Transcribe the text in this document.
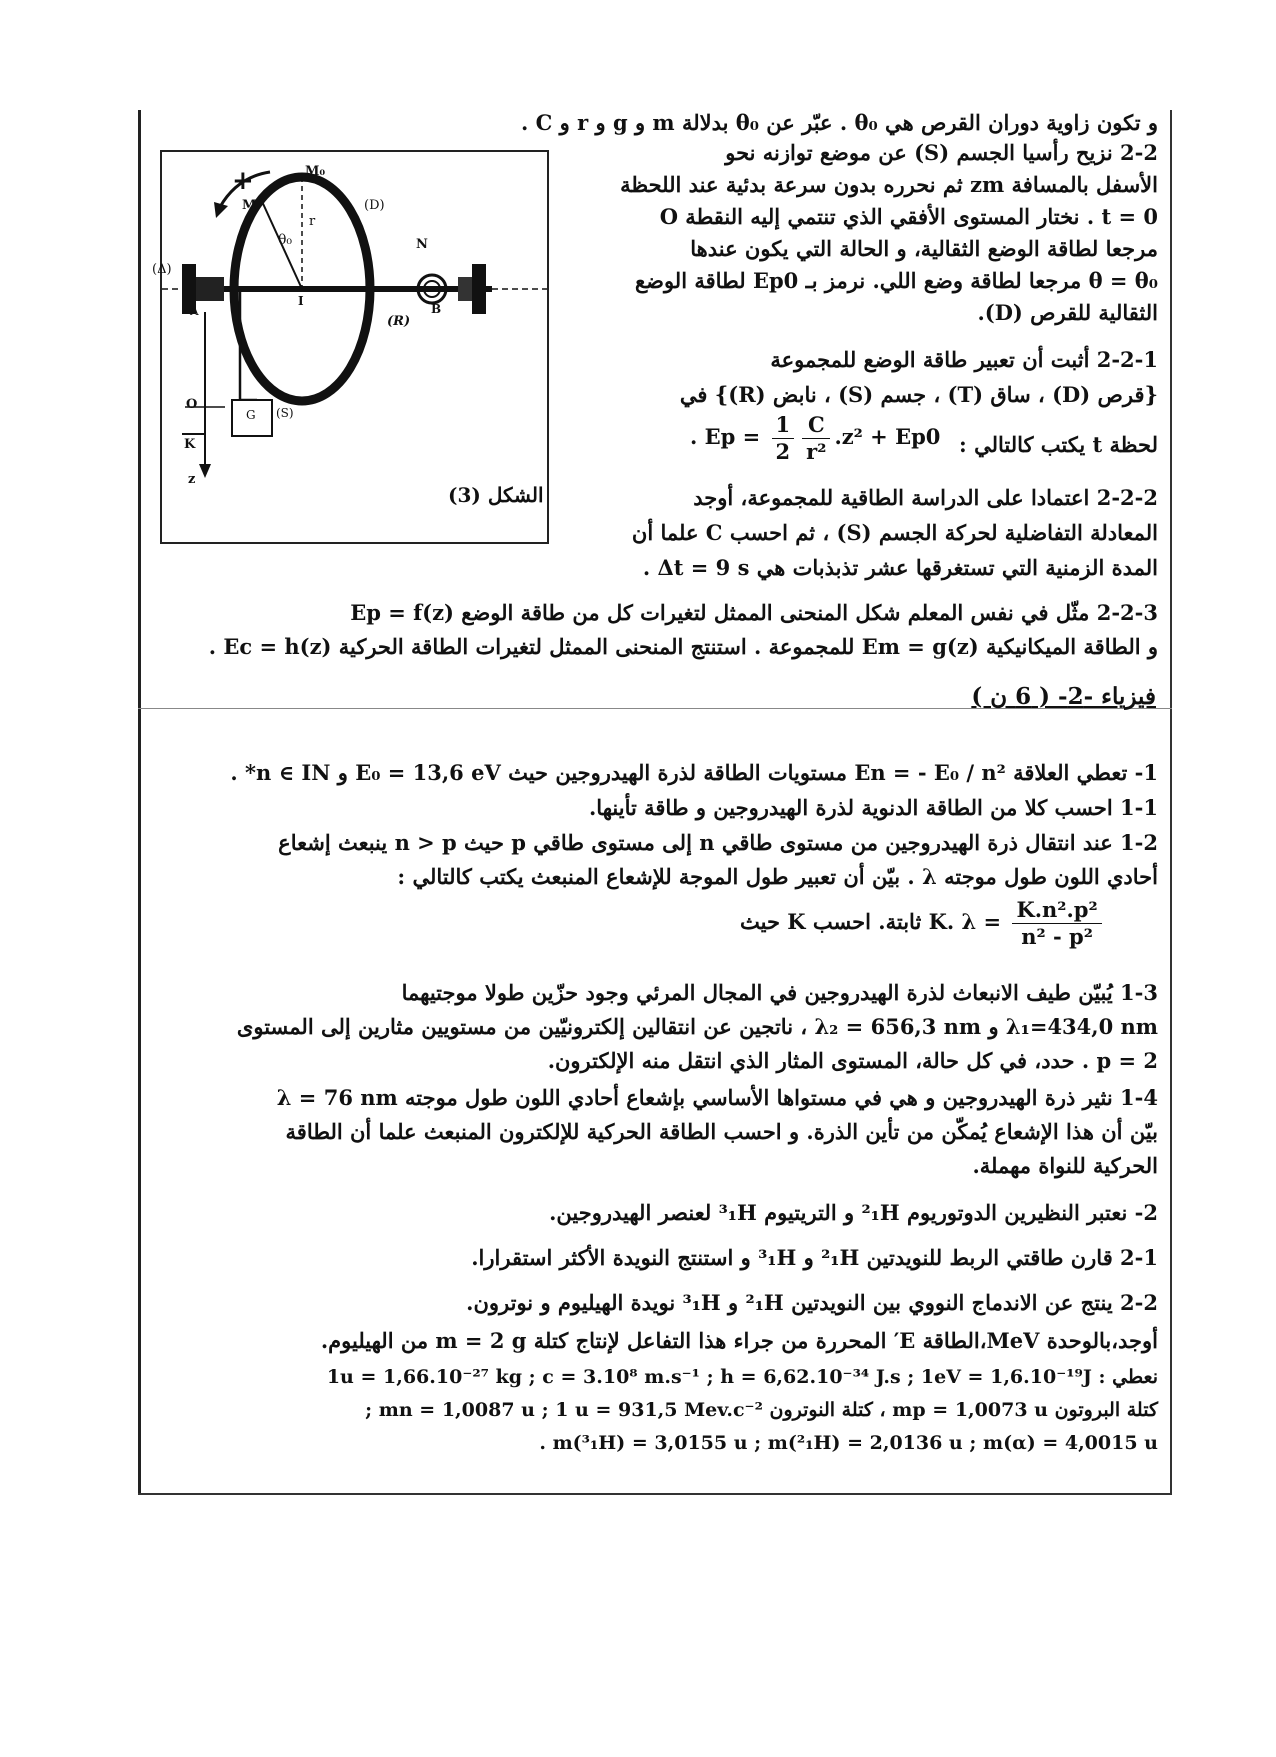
و تكون زاوية دوران القرص هي θ₀ . عبّر عن θ₀ بدلالة m و g و r و C .
2-2 نزيح رأسيا الجسم (S) عن موضع توازنه نحو
الأسفل بالمسافة zm ثم نحرره بدون سرعة بدئية عند اللحظة
t = 0 . نختار المستوى الأفقي الذي تنتمي إليه النقطة O
مرجعا لطاقة الوضع الثقالية، و الحالة التي يكون عندها
θ = θ₀ مرجعا لطاقة وضع اللي. نرمز بـ Ep0 لطاقة الوضع
الثقالية للقرص (D).
2-2-1 أثبت أن تعبير طاقة الوضع للمجموعة
{قرص (D) ، ساق (T) ، جسم (S) ، نابض (R)} في
لحظة t يكتب كالتالي :
. $Ep = \frac{1}{2} \frac{C}{\text{r²}} .z^2 + Ep0$
2-2-2 اعتمادا على الدراسة الطاقية للمجموعة، أوجد
المعادلة التفاضلية لحركة الجسم (S) ، ثم احسب C علما أن
المدة الزمنية التي تستغرقها عشر تذبذبات هي Δt = 9 s .
2-2-3 مثّل في نفس المعلم شكل المنحنى الممثل لتغيرات كل من طاقة الوضع Ep = f(z)
و الطاقة الميكانيكية Em = g(z) للمجموعة . استنتج المنحنى الممثل لتغيرات الطاقة الحركية Ec = h(z) .
+
M
M₀
(D)
N
θ₀
r
(Δ)
A
I
B
(R)
O
G (S)
K
z
الشكل (3)
فيزياء -2- ( 6 ن )
1- تعطي العلاقة En = - E₀ / n² مستويات الطاقة لذرة الهيدروجين حيث E₀ = 13,6 eV و n ∈ IN* .
1-1 احسب كلا من الطاقة الدنوية لذرة الهيدروجين و طاقة تأينها.
1-2 عند انتقال ذرة الهيدروجين من مستوى طاقي n إلى مستوى طاقي p حيث n > p ينبعث إشعاع
أحادي اللون طول موجته λ . بيّن أن تعبير طول الموجة للإشعاع المنبعث يكتب كالتالي :
حيث K ثابتة. احسب K. $\lambda = \frac{\text{K.n².p²}}{\text{n² - p²}}$
1-3 يُبيّن طيف الانبعاث لذرة الهيدروجين في المجال المرئي وجود حزّين طولا موجتيهما
λ₁=434,0 nm و λ₂ = 656,3 nm ، ناتجين عن انتقالين إلكترونيّين من مستويين مثارين إلى المستوى
p = 2 . حدد، في كل حالة، المستوى المثار الذي انتقل منه الإلكترون.
1-4 نثير ذرة الهيدروجين و هي في مستواها الأساسي بإشعاع أحادي اللون طول موجته λ = 76 nm
بيّن أن هذا الإشعاع يُمكّن من تأين الذرة. و احسب الطاقة الحركية للإلكترون المنبعث علما أن الطاقة
الحركية للنواة مهملة.
2- نعتبر النظيرين الدوتوريوم ²₁H و التريتيوم ³₁H لعنصر الهيدروجين.
2-1 قارن طاقتي الربط للنويدتين ²₁H و ³₁H و استنتج النويدة الأكثر استقرارا.
2-2 ينتج عن الاندماج النووي بين النويدتين ²₁H و ³₁H نويدة الهيليوم و نوترون.
أوجد،بالوحدة MeV،الطاقة E′ المحررة من جراء هذا التفاعل لإنتاج كتلة m = 2 g من الهيليوم.
نعطي : 1u = 1,66.10⁻²⁷ kg ; c = 3.10⁸ m.s⁻¹ ; h = 6,62.10⁻³⁴ J.s ; 1eV = 1,6.10⁻¹⁹J
كتلة البروتون mp = 1,0073 u ، كتلة النوترون mn = 1,0087 u ; 1 u = 931,5 Mev.c⁻² ;
m(³₁H) = 3,0155 u ; m(²₁H) = 2,0136 u ; m(α) = 4,0015 u .
